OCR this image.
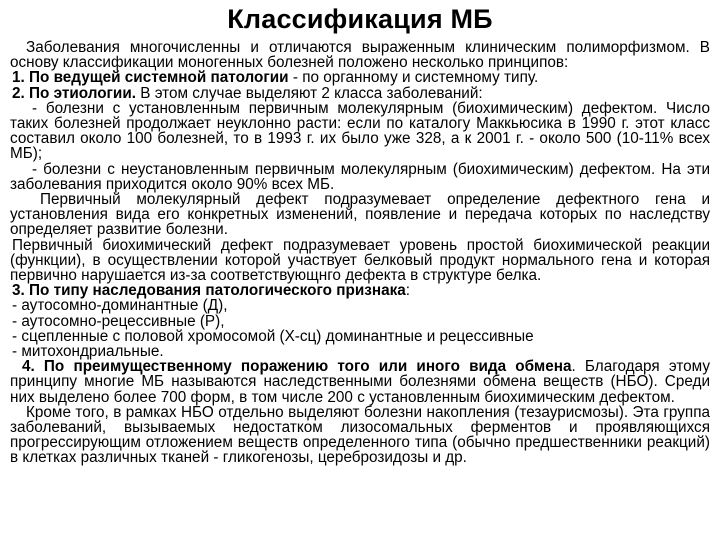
Классификация МБ

Заболевания многочисленны и отличаются выраженным клиническим полиморфизмом. В основу классификации моногенных болезней положено несколько принципов:

1. По ведущей системной патологии - по органному и системному типу.

2. По этиологии. В этом случае выделяют 2 класса заболеваний:

- болезни с установленным первичным молекулярным (биохимическим) дефектом. Число таких болезней продолжает неуклонно расти: если по каталогу Маккьюсика в 1990 г. этот класс составил около 100 болезней, то в 1993 г. их было уже 328, а к 2001 г. - около 500 (10-11% всех МБ);

- болезни с неустановленным первичным молекулярным (биохимическим) дефектом. На эти заболевания приходится около 90% всех МБ.

Первичный молекулярный дефект подразумевает определение дефектного гена и установления вида его конкретных изменений, появление и передача которых по наследству определяет развитие болезни.

Первичный биохимический дефект подразумевает уровень простой биохимической реакции (функции), в осуществлении которой участвует белковый продукт нормального гена и которая первично нарушается из-за соответствующнго дефекта в структуре белка.

3. По типу наследования патологического признака:

- аутосомно-доминантные (Д),

- аутосомно-рецессивные (Р),

- сцепленные с половой хромосомой (Х-сц) доминантные и рецессивные

- митохондриальные.

4. По преимущественному поражению того или иного вида обмена. Благодаря этому принципу многие МБ называются наследственными болезнями обмена веществ (НБО). Среди них выделено более 700 форм, в том числе 200 с установленным биохимическим дефектом.

Кроме того, в рамках НБО отдельно выделяют болезни накопления (тезаурисмозы). Эта группа заболеваний, вызываемых недостатком лизосомальных ферментов и проявляющихся прогрессирующим отложением веществ определенного типа (обычно предшественники реакций) в клетках различных тканей - гликогенозы, цереброзидозы и др.
